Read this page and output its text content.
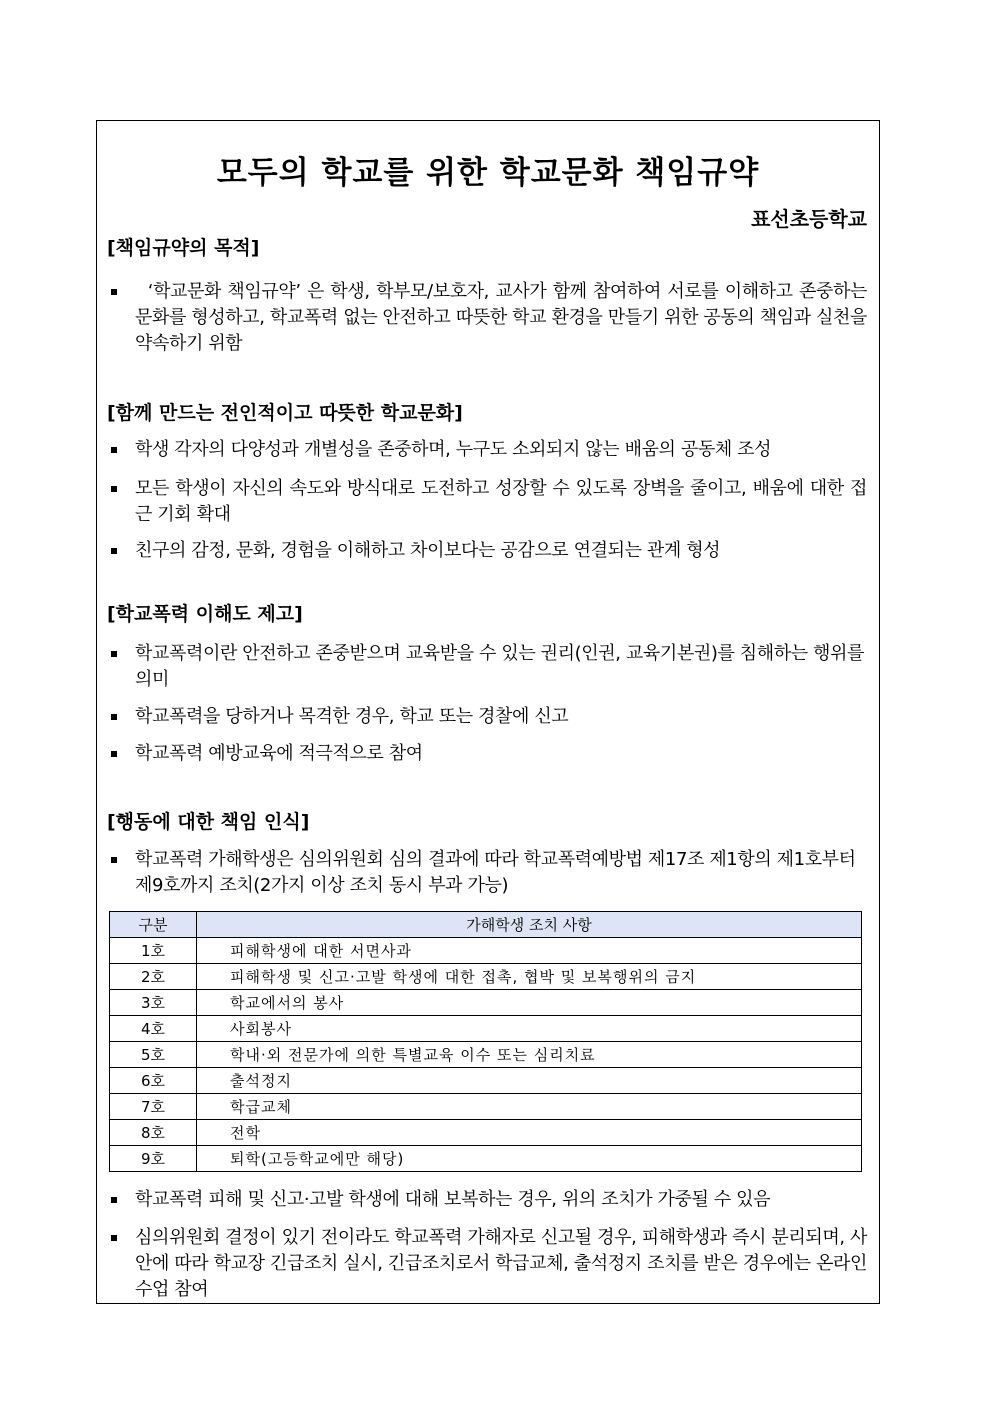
모두의 학교를 위한 학교문화 책임규약
표선초등학교
[책임규약의 목적]
‘학교문화 책임규약’ 은 학생, 학부모/보호자, 교사가 함께 참여하여 서로를 이해하고 존중하는 문화를 형성하고, 학교폭력 없는 안전하고 따뜻한 학교 환경을 만들기 위한 공동의 책임과 실천을 약속하기 위함
[함께 만드는 전인적이고 따뜻한 학교문화]
학생 각자의 다양성과 개별성을 존중하며, 누구도 소외되지 않는 배움의 공동체 조성
모든 학생이 자신의 속도와 방식대로 도전하고 성장할 수 있도록 장벽을 줄이고, 배움에 대한 접근 기회 확대
친구의 감정, 문화, 경험을 이해하고 차이보다는 공감으로 연결되는 관계 형성
[학교폭력 이해도 제고]
학교폭력이란 안전하고 존중받으며 교육받을 수 있는 권리(인권, 교육기본권)를 침해하는 행위를 의미
학교폭력을 당하거나 목격한 경우, 학교 또는 경찰에 신고
학교폭력 예방교육에 적극적으로 참여
[행동에 대한 책임 인식]
학교폭력 가해학생은 심의위원회 심의 결과에 따라 학교폭력예방법 제17조 제1항의 제1호부터 제9호까지 조치(2가지 이상 조치 동시 부과 가능)
구분	가해학생 조치 사항
1호	피해학생에 대한 서면사과
2호	피해학생 및 신고·고발 학생에 대한 접촉, 협박 및 보복행위의 금지
3호	학교에서의 봉사
4호	사회봉사
5호	학내·외 전문가에 의한 특별교육 이수 또는 심리치료
6호	출석정지
7호	학급교체
8호	전학
9호	퇴학(고등학교에만 해당)
학교폭력 피해 및 신고·고발 학생에 대해 보복하는 경우, 위의 조치가 가중될 수 있음
심의위원회 결정이 있기 전이라도 학교폭력 가해자로 신고될 경우, 피해학생과 즉시 분리되며, 사안에 따라 학교장 긴급조치 실시, 긴급조치로서 학급교체, 출석정지 조치를 받은 경우에는 온라인 수업 참여
